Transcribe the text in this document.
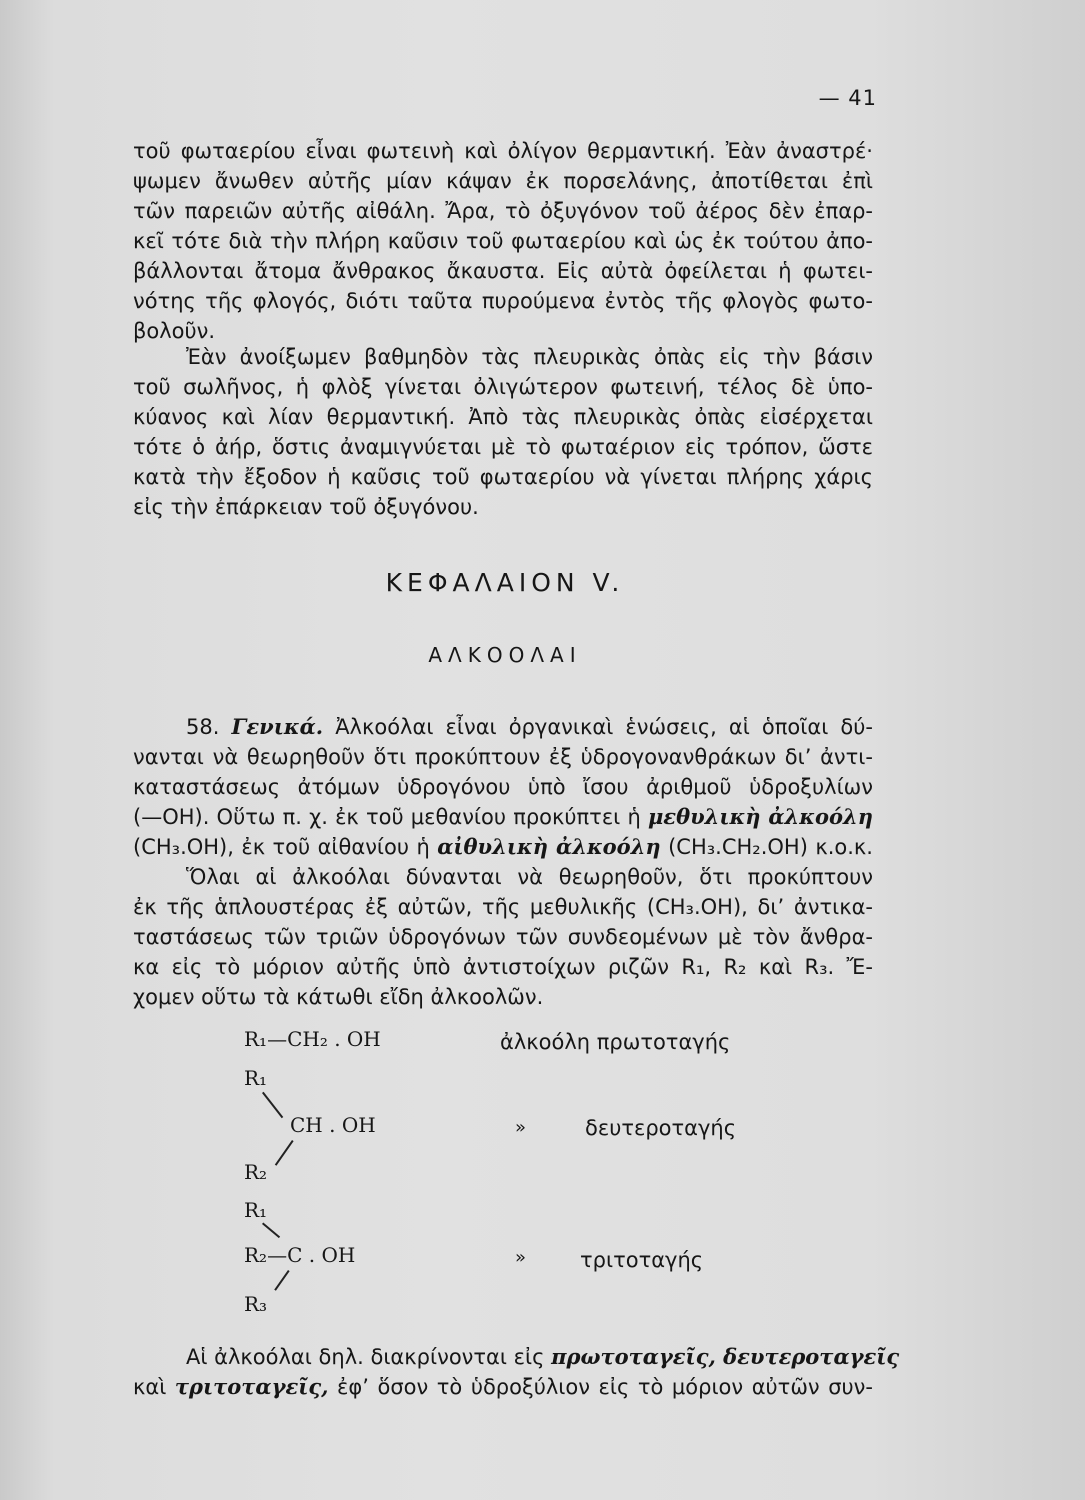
— 41
τοῦ φωταερίου εἶναι φωτεινὴ καὶ ὀλίγον θερμαντική. Ἐὰν ἀναστρέ·
ψωμεν ἄνωθεν αὐτῆς μίαν κάψαν ἐκ πορσελάνης, ἀποτίθεται ἐπὶ
τῶν παρειῶν αὐτῆς αἰθάλη. Ἄρα, τὸ ὀξυγόνον τοῦ ἀέρος δὲν ἐπαρ-
κεῖ τότε διὰ τὴν πλήρη καῦσιν τοῦ φωταερίου καὶ ὡς ἐκ τούτου ἀπο-
βάλλονται ἄτομα ἄνθρακος ἄκαυστα. Εἰς αὐτὰ ὀφείλεται ἡ φωτει-
νότης τῆς φλογός, διότι ταῦτα πυρούμενα ἐντὸς τῆς φλογὸς φωτο-
βολοῦν.
Ἐὰν ἀνοίξωμεν βαθμηδὸν τὰς πλευρικὰς ὀπὰς εἰς τὴν βάσιν
τοῦ σωλῆνος, ἡ φλὸξ γίνεται ὀλιγώτερον φωτεινή, τέλος δὲ ὑπο-
κύανος καὶ λίαν θερμαντική. Ἀπὸ τὰς πλευρικὰς ὀπὰς εἰσέρχεται
τότε ὁ ἀήρ, ὅστις ἀναμιγνύεται μὲ τὸ φωταέριον εἰς τρόπον, ὥστε
κατὰ τὴν ἔξοδον ἡ καῦσις τοῦ φωταερίου νὰ γίνεται πλήρης χάρις
εἰς τὴν ἐπάρκειαν τοῦ ὀξυγόνου.
ΚΕΦΑΛΑΙΟΝ V.
ΑΛΚΟΟΛΑΙ
58. Γενικά. Ἀλκοόλαι εἶναι ὀργανικαὶ ἑνώσεις, αἱ ὁποῖαι δύ-
νανται νὰ θεωρηθοῦν ὅτι προκύπτουν ἐξ ὑδρογονανθράκων δι’ ἀντι-
καταστάσεως ἀτόμων ὑδρογόνου ὑπὸ ἴσου ἀριθμοῦ ὑδροξυλίων
(—OH). Οὕτω π. χ. ἐκ τοῦ μεθανίου προκύπτει ἡ μεθυλικὴ ἀλκοόλη
(CH₃.OH), ἐκ τοῦ αἰθανίου ἡ αἰθυλικὴ ἀλκοόλη (CH₃.CH₂.OH) κ.ο.κ.
Ὅλαι αἱ ἀλκοόλαι δύνανται νὰ θεωρηθοῦν, ὅτι προκύπτουν
ἐκ τῆς ἁπλουστέρας ἐξ αὐτῶν, τῆς μεθυλικῆς (CH₃.OH), δι’ ἀντικα-
ταστάσεως τῶν τριῶν ὑδρογόνων τῶν συνδεομένων μὲ τὸν ἄνθρα-
κα εἰς τὸ μόριον αὐτῆς ὑπὸ ἀντιστοίχων ριζῶν R₁, R₂ καὶ R₃. Ἔ-
χομεν οὕτω τὰ κάτωθι εἴδη ἀλκοολῶν.
R₁—CH₂ . OH	ἀλκοόλη πρωτοταγής
R₁
CH . OH
R₂
»	δευτεροταγής
R₁
R₂—C . OH
R₃
»	τριτοταγής
Αἱ ἀλκοόλαι δηλ. διακρίνονται εἰς πρωτοταγεῖς, δευτεροταγεῖς
καὶ τριτοταγεῖς, ἐφ’ ὅσον τὸ ὑδροξύλιον εἰς τὸ μόριον αὐτῶν συν-
